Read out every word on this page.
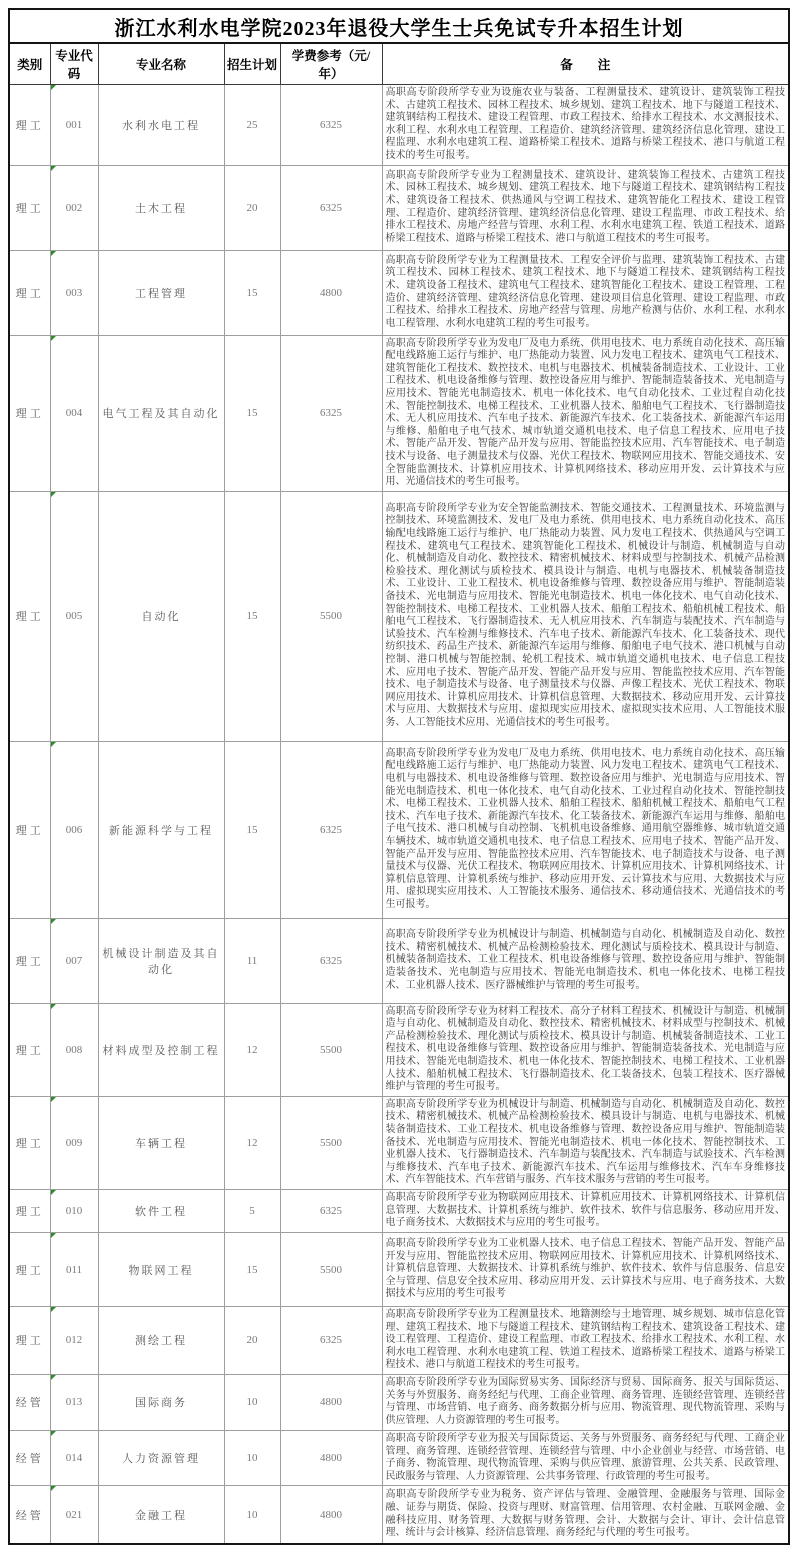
浙江水利水电学院2023年退役大学生士兵免试专升本招生计划					
类别	专业代码	专业名称	招生计划	学费参考（元/年）	备　　注
理工	001	水利水电工程	25	6325	高职高专阶段所学专业为设施农业与装备、工程测量技术、建筑设计、建筑装饰工程技术、古建筑工程技术、园林工程技术、城乡规划、建筑工程技术、地下与隧道工程技术、建筑钢结构工程技术、建设工程管理、市政工程技术、给排水工程技术、水文测报技术、水利工程、水利水电工程管理、工程造价、建筑经济管理、建筑经济信息化管理、建设工程监理、水利水电建筑工程、道路桥梁工程技术、道路与桥梁工程技术、港口与航道工程技术的考生可报考。
理工	002	土木工程	20	6325	高职高专阶段所学专业为工程测量技术、建筑设计、建筑装饰工程技术、古建筑工程技术、园林工程技术、城乡规划、建筑工程技术、地下与隧道工程技术、建筑钢结构工程技术、建筑设备工程技术、供热通风与空调工程技术、建筑智能化工程技术、建设工程管理、工程造价、建筑经济管理、建筑经济信息化管理、建设工程监理、市政工程技术、给排水工程技术、房地产经营与管理、水利工程、水利水电建筑工程、铁道工程技术、道路桥梁工程技术、道路与桥梁工程技术、港口与航道工程技术的考生可报考。
理工	003	工程管理	15	4800	高职高专阶段所学专业为工程测量技术、工程安全评价与监理、建筑装饰工程技术、古建筑工程技术、园林工程技术、建筑工程技术、地下与隧道工程技术、建筑钢结构工程技术、建筑设备工程技术、建筑电气工程技术、建筑智能化工程技术、建设工程管理、工程造价、建筑经济管理、建筑经济信息化管理、建设项目信息化管理、建设工程监理、市政工程技术、给排水工程技术、房地产经营与管理、房地产检测与估价、水利工程、水利水电工程管理、水利水电建筑工程的考生可报考。
理工	004	电气工程及其自动化	15	6325	高职高专阶段所学专业为发电厂及电力系统、供用电技术、电力系统自动化技术、高压输配电线路施工运行与维护、电厂热能动力装置、风力发电工程技术、建筑电气工程技术、建筑智能化工程技术、数控技术、电机与电器技术、机械装备制造技术、工业设计、工业工程技术、机电设备维修与管理、数控设备应用与维护、智能制造装备技术、光电制造与应用技术、智能光电制造技术、机电一体化技术、电气自动化技术、工业过程自动化技术、智能控制技术、电梯工程技术、工业机器人技术、船舶电气工程技术、飞行器制造技术、无人机应用技术、汽车电子技术、新能源汽车技术、化工装备技术、新能源汽车运用与维修、船舶电子电气技术、城市轨道交通机电技术、电子信息工程技术、应用电子技术、智能产品开发、智能产品开发与应用、智能监控技术应用、汽车智能技术、电子制造技术与设备、电子测量技术与仪器、光伏工程技术、物联网应用技术、智能交通技术、安全智能监测技术、计算机应用技术、计算机网络技术、移动应用开发、云计算技术与应用、光通信技术的考生可报考。
理工	005	自动化	15	5500	高职高专阶段所学专业为安全智能监测技术、智能交通技术、工程测量技术、环境监测与控制技术、环境监测技术、发电厂及电力系统、供用电技术、电力系统自动化技术、高压输配电线路施工运行与维护、电厂热能动力装置、风力发电工程技术、供热通风与空调工程技术、建筑电气工程技术、建筑智能化工程技术、机械设计与制造、机械制造与自动化、机械制造及自动化、数控技术、精密机械技术、材料成型与控制技术、机械产品检测检验技术、理化测试与质检技术、模具设计与制造、电机与电器技术、机械装备制造技术、工业设计、工业工程技术、机电设备维修与管理、数控设备应用与维护、智能制造装备技术、光电制造与应用技术、智能光电制造技术、机电一体化技术、电气自动化技术、智能控制技术、电梯工程技术、工业机器人技术、船舶工程技术、船舶机械工程技术、船舶电气工程技术、飞行器制造技术、无人机应用技术、汽车制造与装配技术、汽车制造与试验技术、汽车检测与维修技术、汽车电子技术、新能源汽车技术、化工装备技术、现代纺织技术、药品生产技术、新能源汽车运用与维修、船舶电子电气技术、港口机械与自动控制、港口机械与智能控制、轮机工程技术、城市轨道交通机电技术、电子信息工程技术、应用电子技术、智能产品开发、智能产品开发与应用、智能监控技术应用、汽车智能技术、电子制造技术与设备、电子测量技术与仪器、声像工程技术、光伏工程技术、物联网应用技术、计算机应用技术、计算机信息管理、大数据技术、移动应用开发、云计算技术与应用、大数据技术与应用、虚拟现实应用技术、虚拟现实技术应用、人工智能技术服务、人工智能技术应用、光通信技术的考生可报考。
理工	006	新能源科学与工程	15	6325	高职高专阶段所学专业为发电厂及电力系统、供用电技术、电力系统自动化技术、高压输配电线路施工运行与维护、电厂热能动力装置、风力发电工程技术、建筑电气工程技术、电机与电器技术、机电设备维修与管理、数控设备应用与维护、光电制造与应用技术、智能光电制造技术、机电一体化技术、电气自动化技术、工业过程自动化技术、智能控制技术、电梯工程技术、工业机器人技术、船舶工程技术、船舶机械工程技术、船舶电气工程技术、汽车电子技术、新能源汽车技术、化工装备技术、新能源汽车运用与维修、船舶电子电气技术、港口机械与自动控制、飞机机电设备维修、通用航空器维修、城市轨道交通车辆技术、城市轨道交通机电技术、电子信息工程技术、应用电子技术、智能产品开发、智能产品开发与应用、智能监控技术应用、汽车智能技术、电子制造技术与设备、电子测量技术与仪器、光伏工程技术、物联网应用技术、计算机应用技术、计算机网络技术、计算机信息管理、计算机系统与维护、移动应用开发、云计算技术与应用、大数据技术与应用、虚拟现实应用技术、人工智能技术服务、通信技术、移动通信技术、光通信技术的考生可报考。
理工	007	机械设计制造及其自动化	11	6325	高职高专阶段所学专业为机械设计与制造、机械制造与自动化、机械制造及自动化、数控技术、精密机械技术、机械产品检测检验技术、理化测试与质检技术、模具设计与制造、机械装备制造技术、工业工程技术、机电设备维修与管理、数控设备应用与维护、智能制造装备技术、光电制造与应用技术、智能光电制造技术、机电一体化技术、电梯工程技术、工业机器人技术、医疗器械维护与管理的考生可报考。
理工	008	材料成型及控制工程	12	5500	高职高专阶段所学专业为材料工程技术、高分子材料工程技术、机械设计与制造、机械制造与自动化、机械制造及自动化、数控技术、精密机械技术、材料成型与控制技术、机械产品检测检验技术、理化测试与质检技术、模具设计与制造、机械装备制造技术、工业工程技术、机电设备维修与管理、数控设备应用与维护、智能制造装备技术、光电制造与应用技术、智能光电制造技术、机电一体化技术、智能控制技术、电梯工程技术、工业机器人技术、船舶机械工程技术、飞行器制造技术、化工装备技术、包装工程技术、医疗器械维护与管理的考生可报考。
理工	009	车辆工程	12	5500	高职高专阶段所学专业为机械设计与制造、机械制造与自动化、机械制造及自动化、数控技术、精密机械技术、机械产品检测检验技术、模具设计与制造、电机与电器技术、机械装备制造技术、工业工程技术、机电设备维修与管理、数控设备应用与维护、智能制造装备技术、光电制造与应用技术、智能光电制造技术、机电一体化技术、智能控制技术、工业机器人技术、飞行器制造技术、汽车制造与装配技术、汽车制造与试验技术、汽车检测与维修技术、汽车电子技术、新能源汽车技术、汽车运用与维修技术、汽车车身维修技术、汽车智能技术、汽车营销与服务、汽车技术服务与营销的考生可报考。
理工	010	软件工程	5	6325	高职高专阶段所学专业为物联网应用技术、计算机应用技术、计算机网络技术、计算机信息管理、大数据技术、计算机系统与维护、软件技术、软件与信息服务、移动应用开发、电子商务技术、大数据技术与应用的考生可报考。
理工	011	物联网工程	15	5500	高职高专阶段所学专业为工业机器人技术、电子信息工程技术、智能产品开发、智能产品开发与应用、智能监控技术应用、物联网应用技术、计算机应用技术、计算机网络技术、计算机信息管理、大数据技术、计算机系统与维护、软件技术、软件与信息服务、信息安全与管理、信息安全技术应用、移动应用开发、云计算技术与应用、电子商务技术、大数据技术与应用的考生可报考
理工	012	测绘工程	20	6325	高职高专阶段所学专业为工程测量技术、地籍测绘与土地管理、城乡规划、城市信息化管理、建筑工程技术、地下与隧道工程技术、建筑钢结构工程技术、建筑设备工程技术、建设工程管理、工程造价、建设工程监理、市政工程技术、给排水工程技术、水利工程、水利水电工程管理、水利水电建筑工程、铁道工程技术、道路桥梁工程技术、道路与桥梁工程技术、港口与航道工程技术的考生可报考。
经管	013	国际商务	10	4800	高职高专阶段所学专业为国际贸易实务、国际经济与贸易、国际商务、报关与国际货运、关务与外贸服务、商务经纪与代理、工商企业管理、商务管理、连锁经营管理、连锁经营与管理、市场营销、电子商务、商务数据分析与应用、物流管理、现代物流管理、采购与供应管理、人力资源管理的考生可报考。
经管	014	人力资源管理	10	4800	高职高专阶段所学专业为报关与国际货运、关务与外贸服务、商务经纪与代理、工商企业管理、商务管理、连锁经营管理、连锁经营与管理、中小企业创业与经营、市场营销、电子商务、物流管理、现代物流管理、采购与供应管理、旅游管理、公共关系、民政管理、民政服务与管理、人力资源管理、公共事务管理、行政管理的考生可报考。
经管	021	金融工程	10	4800	高职高专阶段所学专业为税务、资产评估与管理、金融管理、金融服务与管理、国际金融、证券与期货、保险、投资与理财、财富管理、信用管理、农村金融、互联网金融、金融科技应用、财务管理、大数据与财务管理、会计、大数据与会计、审计、会计信息管理、统计与会计核算、经济信息管理、商务经纪与代理的考生可报考。
